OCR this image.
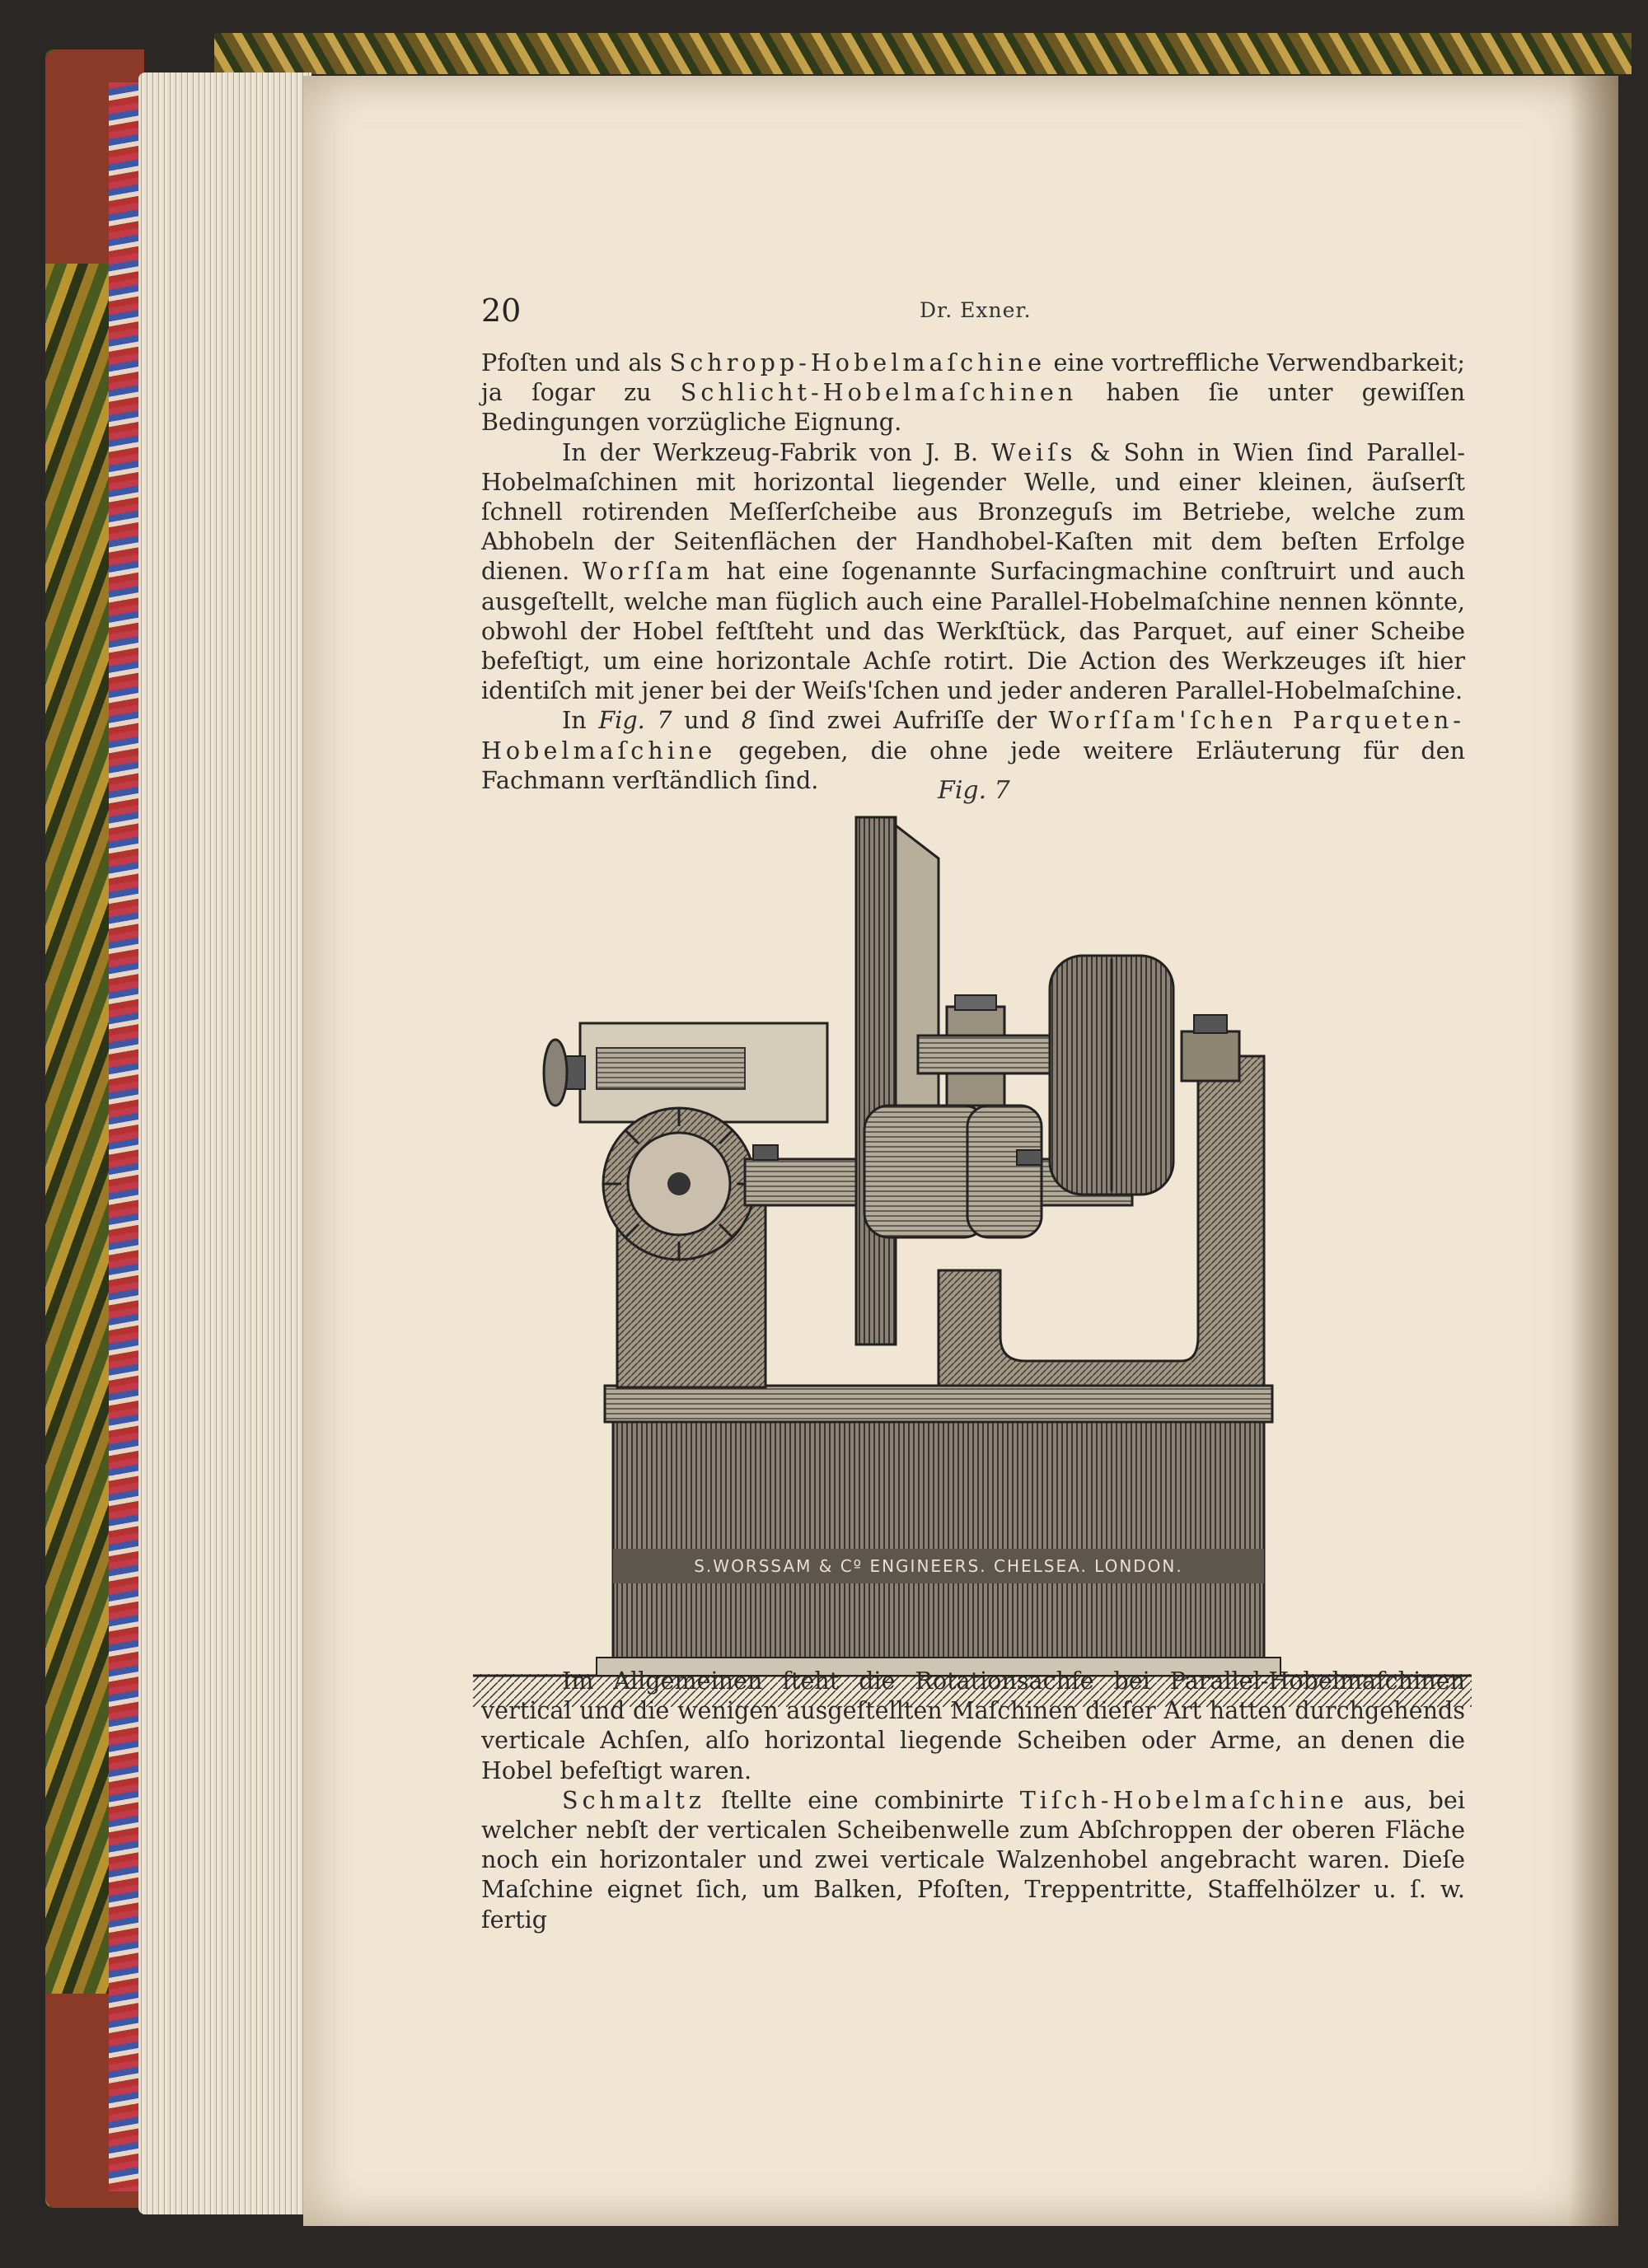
20	Dr. Exner.

Pfoſten und als Schropp-Hobelmaſchine eine vortreffliche Verwendbarkeit; ja ſogar zu Schlicht-Hobelmaſchinen haben ſie unter gewiſſen Bedingungen vorzügliche Eignung.

In der Werkzeug-Fabrik von J. B. Weiſs & Sohn in Wien ſind Parallel-Hobelmaſchinen mit horizontal liegender Welle, und einer kleinen, äuſserſt ſchnell rotirenden Meſſerſcheibe aus Bronzeguſs im Betriebe, welche zum Abhobeln der Seitenflächen der Handhobel-Kaſten mit dem beſten Erfolge dienen. Worſſam hat eine ſogenannte Surfacingmachine conſtruirt und auch ausgeſtellt, welche man füglich auch eine Parallel-Hobelmaſchine nennen könnte, obwohl der Hobel feſtſteht und das Werkſtück, das Parquet, auf einer Scheibe befeſtigt, um eine horizontale Achſe rotirt. Die Action des Werkzeuges iſt hier identiſch mit jener bei der Weiſs'ſchen und jeder anderen Parallel-Hobelmaſchine.

In Fig. 7 und 8 ſind zwei Aufriſſe der Worſſam'ſchen Parqueten-Hobelmaſchine gegeben, die ohne jede weitere Erläuterung für den Fachmann verſtändlich ſind.	Fig. 7
S.WORSSAM & Cº ENGINEERS. CHELSEA. LONDON.

Im Allgemeinen ſteht die Rotationsachſe bei Parallel-Hobelmaſchinen vertical und die wenigen ausgeſtellten Maſchinen dieſer Art hatten durchgehends verticale Achſen, alſo horizontal liegende Scheiben oder Arme, an denen die Hobel befeſtigt waren.

Schmaltz ſtellte eine combinirte Tiſch-Hobelmaſchine aus, bei welcher nebſt der verticalen Scheibenwelle zum Abſchroppen der oberen Fläche noch ein horizontaler und zwei verticale Walzenhobel angebracht waren. Dieſe Maſchine eignet ſich, um Balken, Pfoſten, Treppentritte, Staffelhölzer u. ſ. w. fertig
